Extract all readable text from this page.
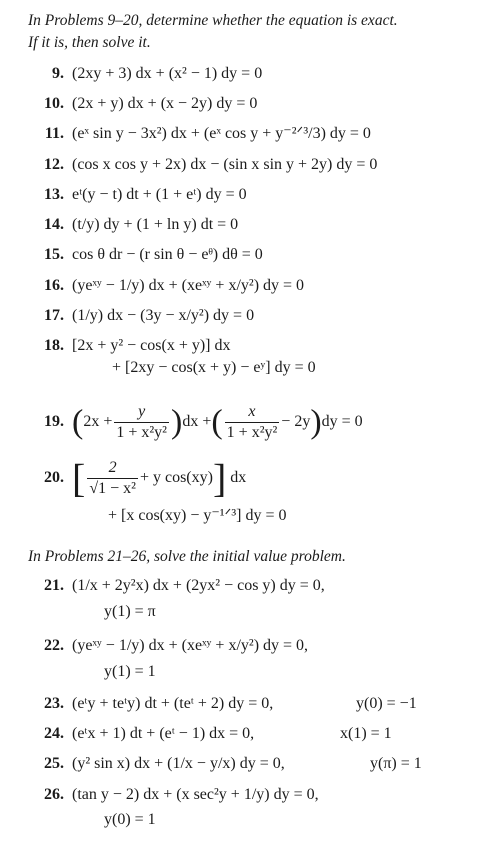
In Problems 9–20, determine whether the equation is exact.
If it is, then solve it.
9. (2xy + 3) dx + (x² − 1) dy = 0
10. (2x + y) dx + (x − 2y) dy = 0
11. (eˣ sin y − 3x²) dx + (eˣ cos y + y⁻²ᐟ³/3) dy = 0
12. (cos x cos y + 2x) dx − (sin x sin y + 2y) dy = 0
13. eᵗ(y − t) dt + (1 + eᵗ) dy = 0
14. (t/y) dy + (1 + ln y) dt = 0
15. cos θ dr − (r sin θ − eᶿ) dθ = 0
16. (yeˣʸ − 1/y) dx + (xeˣʸ + x/y²) dy = 0
17. (1/y) dx − (3y − x/y²) dy = 0
18. [2x + y² − cos(x + y)] dx
+ [2xy − cos(x + y) − eʸ] dy = 0
19. $(2x + \frac{y}{\text{1 + x²y²}} )dx$ +( $\frac{x}{\text{1 + x²y²}} - 2y)dy = 0$
20. [ $\frac{2}{\text{√1 − x²}} + y$ cos(xy)] dx
+ [x cos(xy) − y⁻¹ᐟ³] dy = 0
In Problems 21–26, solve the initial value problem.
21. (1/x + 2y²x) dx + (2yx² − cos y) dy = 0,
y(1) = π
22. (yeˣʸ − 1/y) dx + (xeˣʸ + x/y²) dy = 0,
y(1) = 1
23. (eᵗy + teᵗy) dt + (teᵗ + 2) dy = 0,	y(0) = −1
24. (eᵗx + 1) dt + (eᵗ − 1) dx = 0,	x(1) = 1
25. (y² sin x) dx + (1/x − y/x) dy = 0,	y(π) = 1
26. (tan y − 2) dx + (x sec²y + 1/y) dy = 0,
y(0) = 1
